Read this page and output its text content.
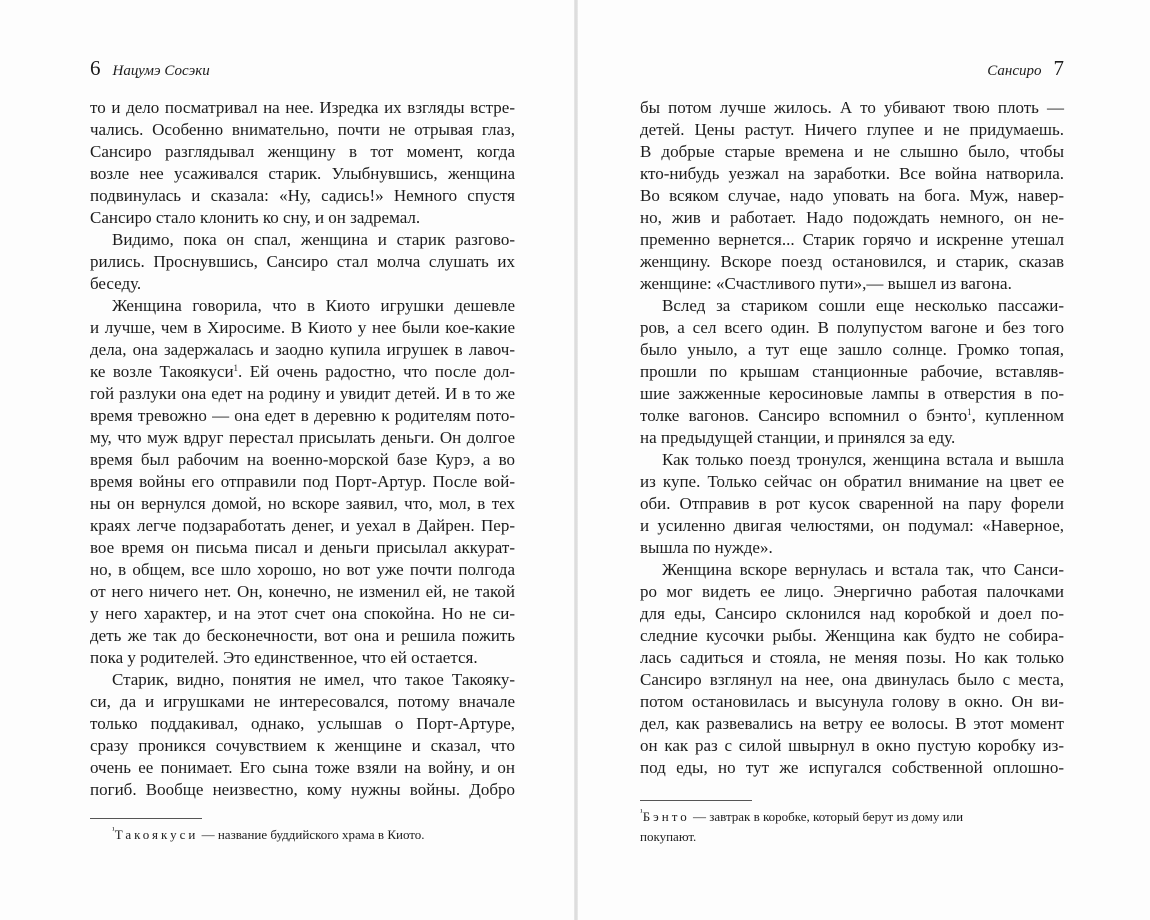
6 Нацумэ Сосэки
то и дело посматривал на нее. Изредка их взгляды встре-
чались. Особенно внимательно, почти не отрывая глаз,
Сансиро разглядывал женщину в тот момент, когда
возле нее усаживался старик. Улыбнувшись, женщина
подвинулась и сказала: «Ну, садись!» Немного спустя
Сансиро стало клонить ко сну, и он задремал.
Видимо, пока он спал, женщина и старик разгово-
рились. Проснувшись, Сансиро стал молча слушать их
беседу.
Женщина говорила, что в Киото игрушки дешевле
и лучше, чем в Хиросиме. В Киото у нее были кое-какие
дела, она задержалась и заодно купила игрушек в лавоч-
ке возле Такоякуси$^1$. Ей очень радостно, что после дол-
гой разлуки она едет на родину и увидит детей. И в то же
время тревожно — она едет в деревню к родителям пото-
му, что муж вдруг перестал присылать деньги. Он долгое
время был рабочим на военно-морской базе Курэ, а во
время войны его отправили под Порт-Артур. После вой-
ны он вернулся домой, но вскоре заявил, что, мол, в тех
краях легче подзаработать денег, и уехал в Дайрен. Пер-
вое время он письма писал и деньги присылал аккурат-
но, в общем, все шло хорошо, но вот уже почти полгода
от него ничего нет. Он, конечно, не изменил ей, не такой
у него характер, и на этот счет она спокойна. Но не си-
деть же так до бесконечности, вот она и решила пожить
пока у родителей. Это единственное, что ей остается.
Старик, видно, понятия не имел, что такое Такояку-
си, да и игрушками не интересовался, потому вначале
только поддакивал, однако, услышав о Порт-Артуре,
сразу проникся сочувствием к женщине и сказал, что
очень ее понимает. Его сына тоже взяли на войну, и он
погиб. Вообще неизвестно, кому нужны войны. Добро
$^{^1}$Такоякуси — название буддийского храма в Киото.
Сансиро 7
бы потом лучше жилось. А то убивают твою плоть —
детей. Цены растут. Ничего глупее и не придумаешь.
В добрые старые времена и не слышно было, чтобы
кто-нибудь уезжал на заработки. Все война натворила.
Во всяком случае, надо уповать на бога. Муж, навер-
но, жив и работает. Надо подождать немного, он не-
пременно вернется... Старик горячо и искренне утешал
женщину. Вскоре поезд остановился, и старик, сказав
женщине: «Счастливого пути»,— вышел из вагона.
Вслед за стариком сошли еще несколько пассажи-
ров, а сел всего один. В полупустом вагоне и без того
было уныло, а тут еще зашло солнце. Громко топая,
прошли по крышам станционные рабочие, вставляв-
шие зажженные керосиновые лампы в отверстия в по-
толке вагонов. Сансиро вспомнил о бэнто$^1$, купленном
на предыдущей станции, и принялся за еду.
Как только поезд тронулся, женщина встала и вышла
из купе. Только сейчас он обратил внимание на цвет ее
оби. Отправив в рот кусок сваренной на пару форели
и усиленно двигая челюстями, он подумал: «Наверное,
вышла по нужде».
Женщина вскоре вернулась и встала так, что Санси-
ро мог видеть ее лицо. Энергично работая палочками
для еды, Сансиро склонился над коробкой и доел по-
следние кусочки рыбы. Женщина как будто не собира-
лась садиться и стояла, не меняя позы. Но как только
Сансиро взглянул на нее, она двинулась было с места,
потом остановилась и высунула голову в окно. Он ви-
дел, как развевались на ветру ее волосы. В этот момент
он как раз с силой швырнул в окно пустую коробку из-
под еды, но тут же испугался собственной оплошно-
$^{^1}$Бэнто — завтрак в коробке, который берут из дому или
покупают.
